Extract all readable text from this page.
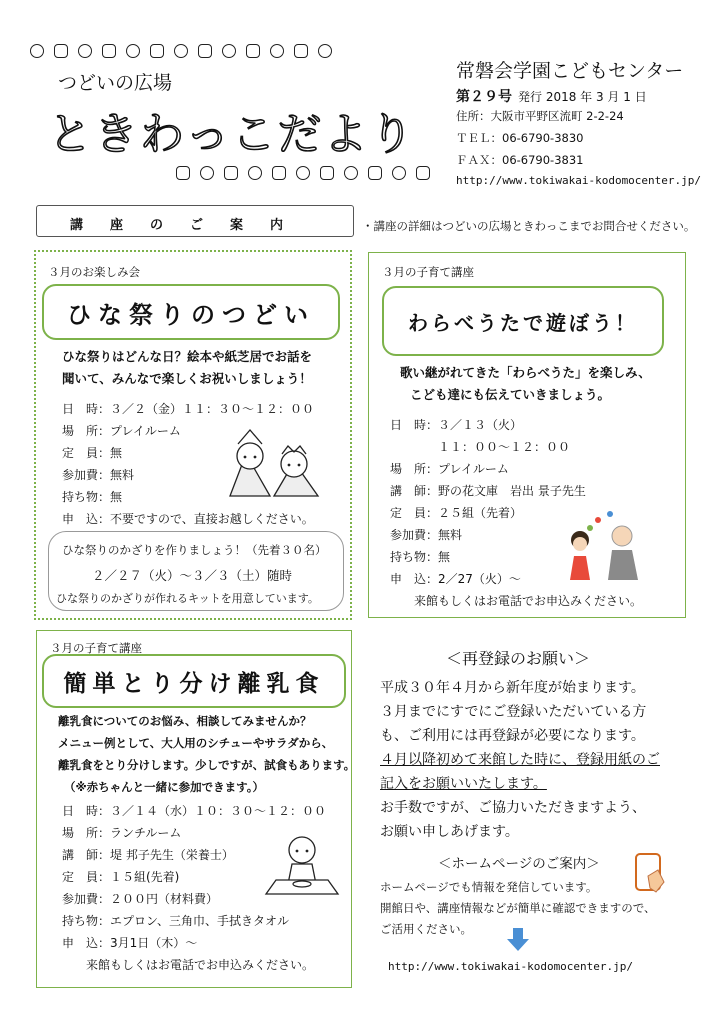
つどいの広場
ときわっこだより
常磐会学園こどもセンター
第２９号 発行 2018 年 3 月 1 日
住所：大阪市平野区流町 2-2-24
ＴＥＬ：06-6790-3830
ＦＡＸ：06-6790-3831
http://www.tokiwakai-kodomocenter.jp/
講座のご案内	・講座の詳細はつどいの広場ときわっこまでお問合せください。
３月のお楽しみ会
ひな祭りのつどい
ひな祭りはどんな日？絵本や紙芝居でお話を
聞いて、みんなで楽しくお祝いしましょう！
日　時：３／２（金）１１：３０～１２：００
場　所：プレイルーム
定　員：無
参加費：無料
持ち物：無
申　込：不要ですので、直接お越しください。
ひな祭りのかざりを作りましょう！（先着３０名）
２／２７（火）～３／３（土）随時
ひな祭りのかざりが作れるキットを用意しています。
３月の子育て講座
わらべうたで遊ぼう！
歌い継がれてきた「わらべうた」を楽しみ、
こども達にも伝えていきましょう。
日　時：３／１３（火）
　　　　１１：００～１２：００
場　所：プレイルーム
講　師：野の花文庫　岩出 景子先生
定　員：２５組（先着）
参加費：無料
持ち物：無
申　込：2／27（火）～
　　来館もしくはお電話でお申込みください。
３月の子育て講座
簡単とり分け離乳食
離乳食についてのお悩み、相談してみませんか？
メニュー例として、大人用のシチューやサラダから、
離乳食をとり分けします。少しですが、試食もあります。
（※赤ちゃんと一緒に参加できます。）
日　時：３／１４（水）１０：３０～１２：００
場　所：ランチルーム
講　師：堤 邦子先生（栄養士）
定　員：１５組(先着)
参加費：２００円（材料費）
持ち物：エプロン、三角巾、手拭きタオル
申　込：3月1日（木）～
　　来館もしくはお電話でお申込みください。
＜再登録のお願い＞
平成３０年４月から新年度が始まります。
３月までにすでにご登録いただいている方
も、ご利用には再登録が必要になります。
４月以降初めて来館した時に、登録用紙のご
記入をお願いいたします。
お手数ですが、ご協力いただきますよう、
お願い申しあげます。
＜ホームページのご案内＞
ホームページでも情報を発信しています。
開館日や、講座情報などが簡単に確認できますので、
ご活用ください。
http://www.tokiwakai-kodomocenter.jp/
